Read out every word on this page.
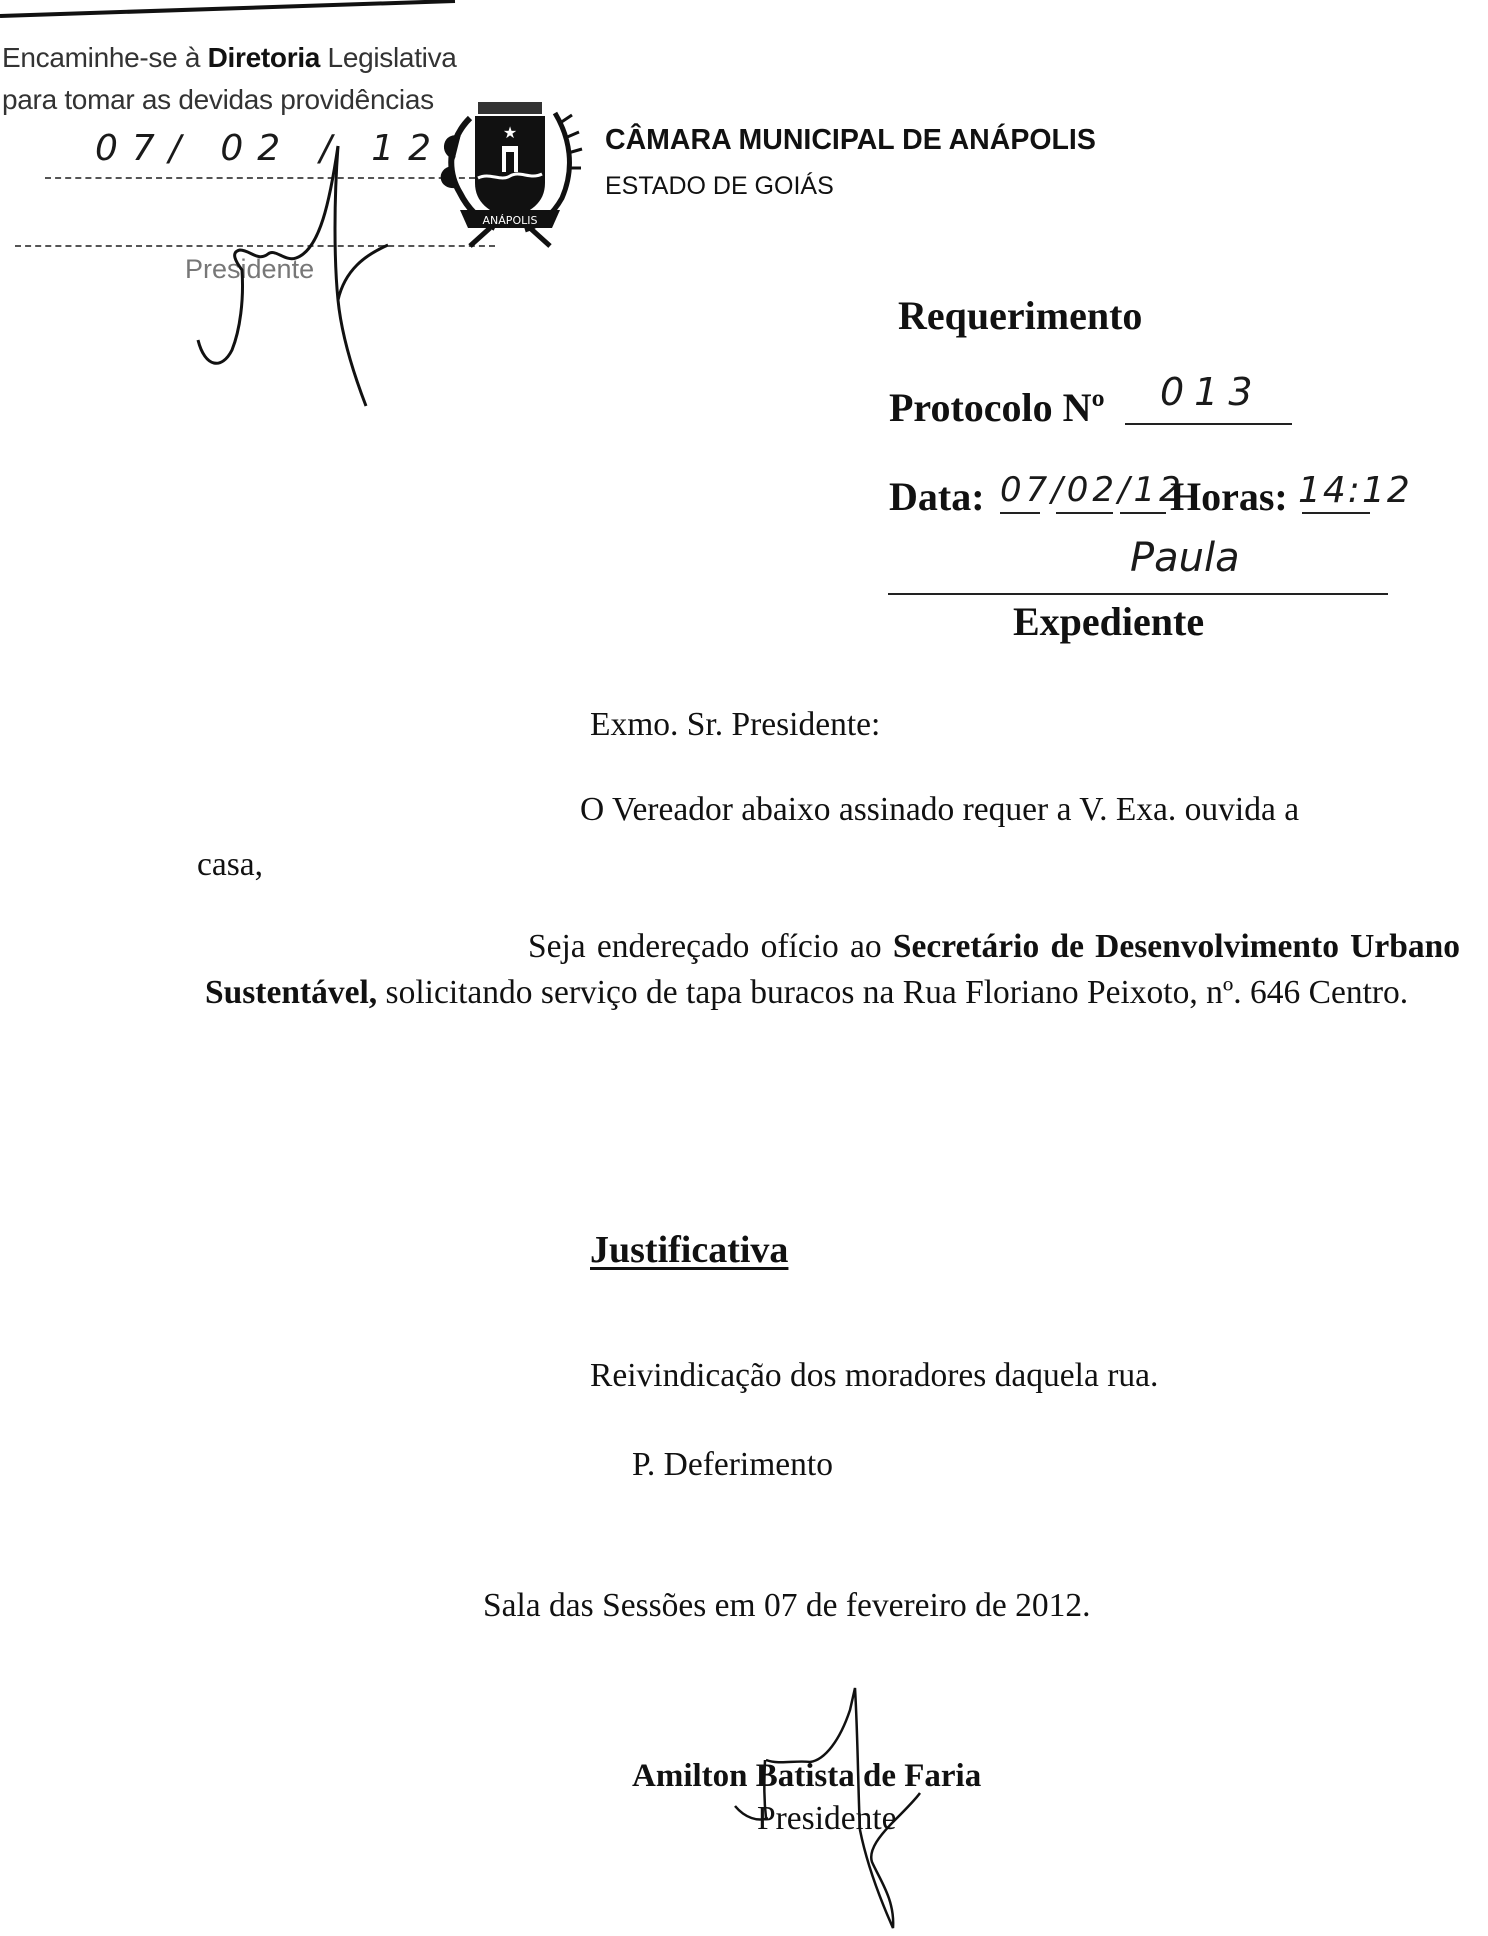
Encaminhe-se à Diretoria Legislativa
para tomar as devidas providências
07/ 02 / 12
Presidente
★
ANÁPOLIS
CÂMARA MUNICIPAL DE ANÁPOLIS
ESTADO DE GOIÁS
Requerimento
Protocolo Nº 013
Data: 07/02/12
Horas: 14:12
Paula
Expediente
Exmo. Sr. Presidente:
O Vereador abaixo assinado requer a V. Exa. ouvida a
casa,
Seja endereçado ofício ao Secretário de Desenvolvimento Urbano Sustentável, solicitando serviço de tapa buracos na Rua Floriano Peixoto, nº. 646 Centro.
Justificativa
Reivindicação dos moradores daquela rua.
P. Deferimento
Sala das Sessões em 07 de fevereiro de 2012.
Amilton Batista de Faria
Presidente
